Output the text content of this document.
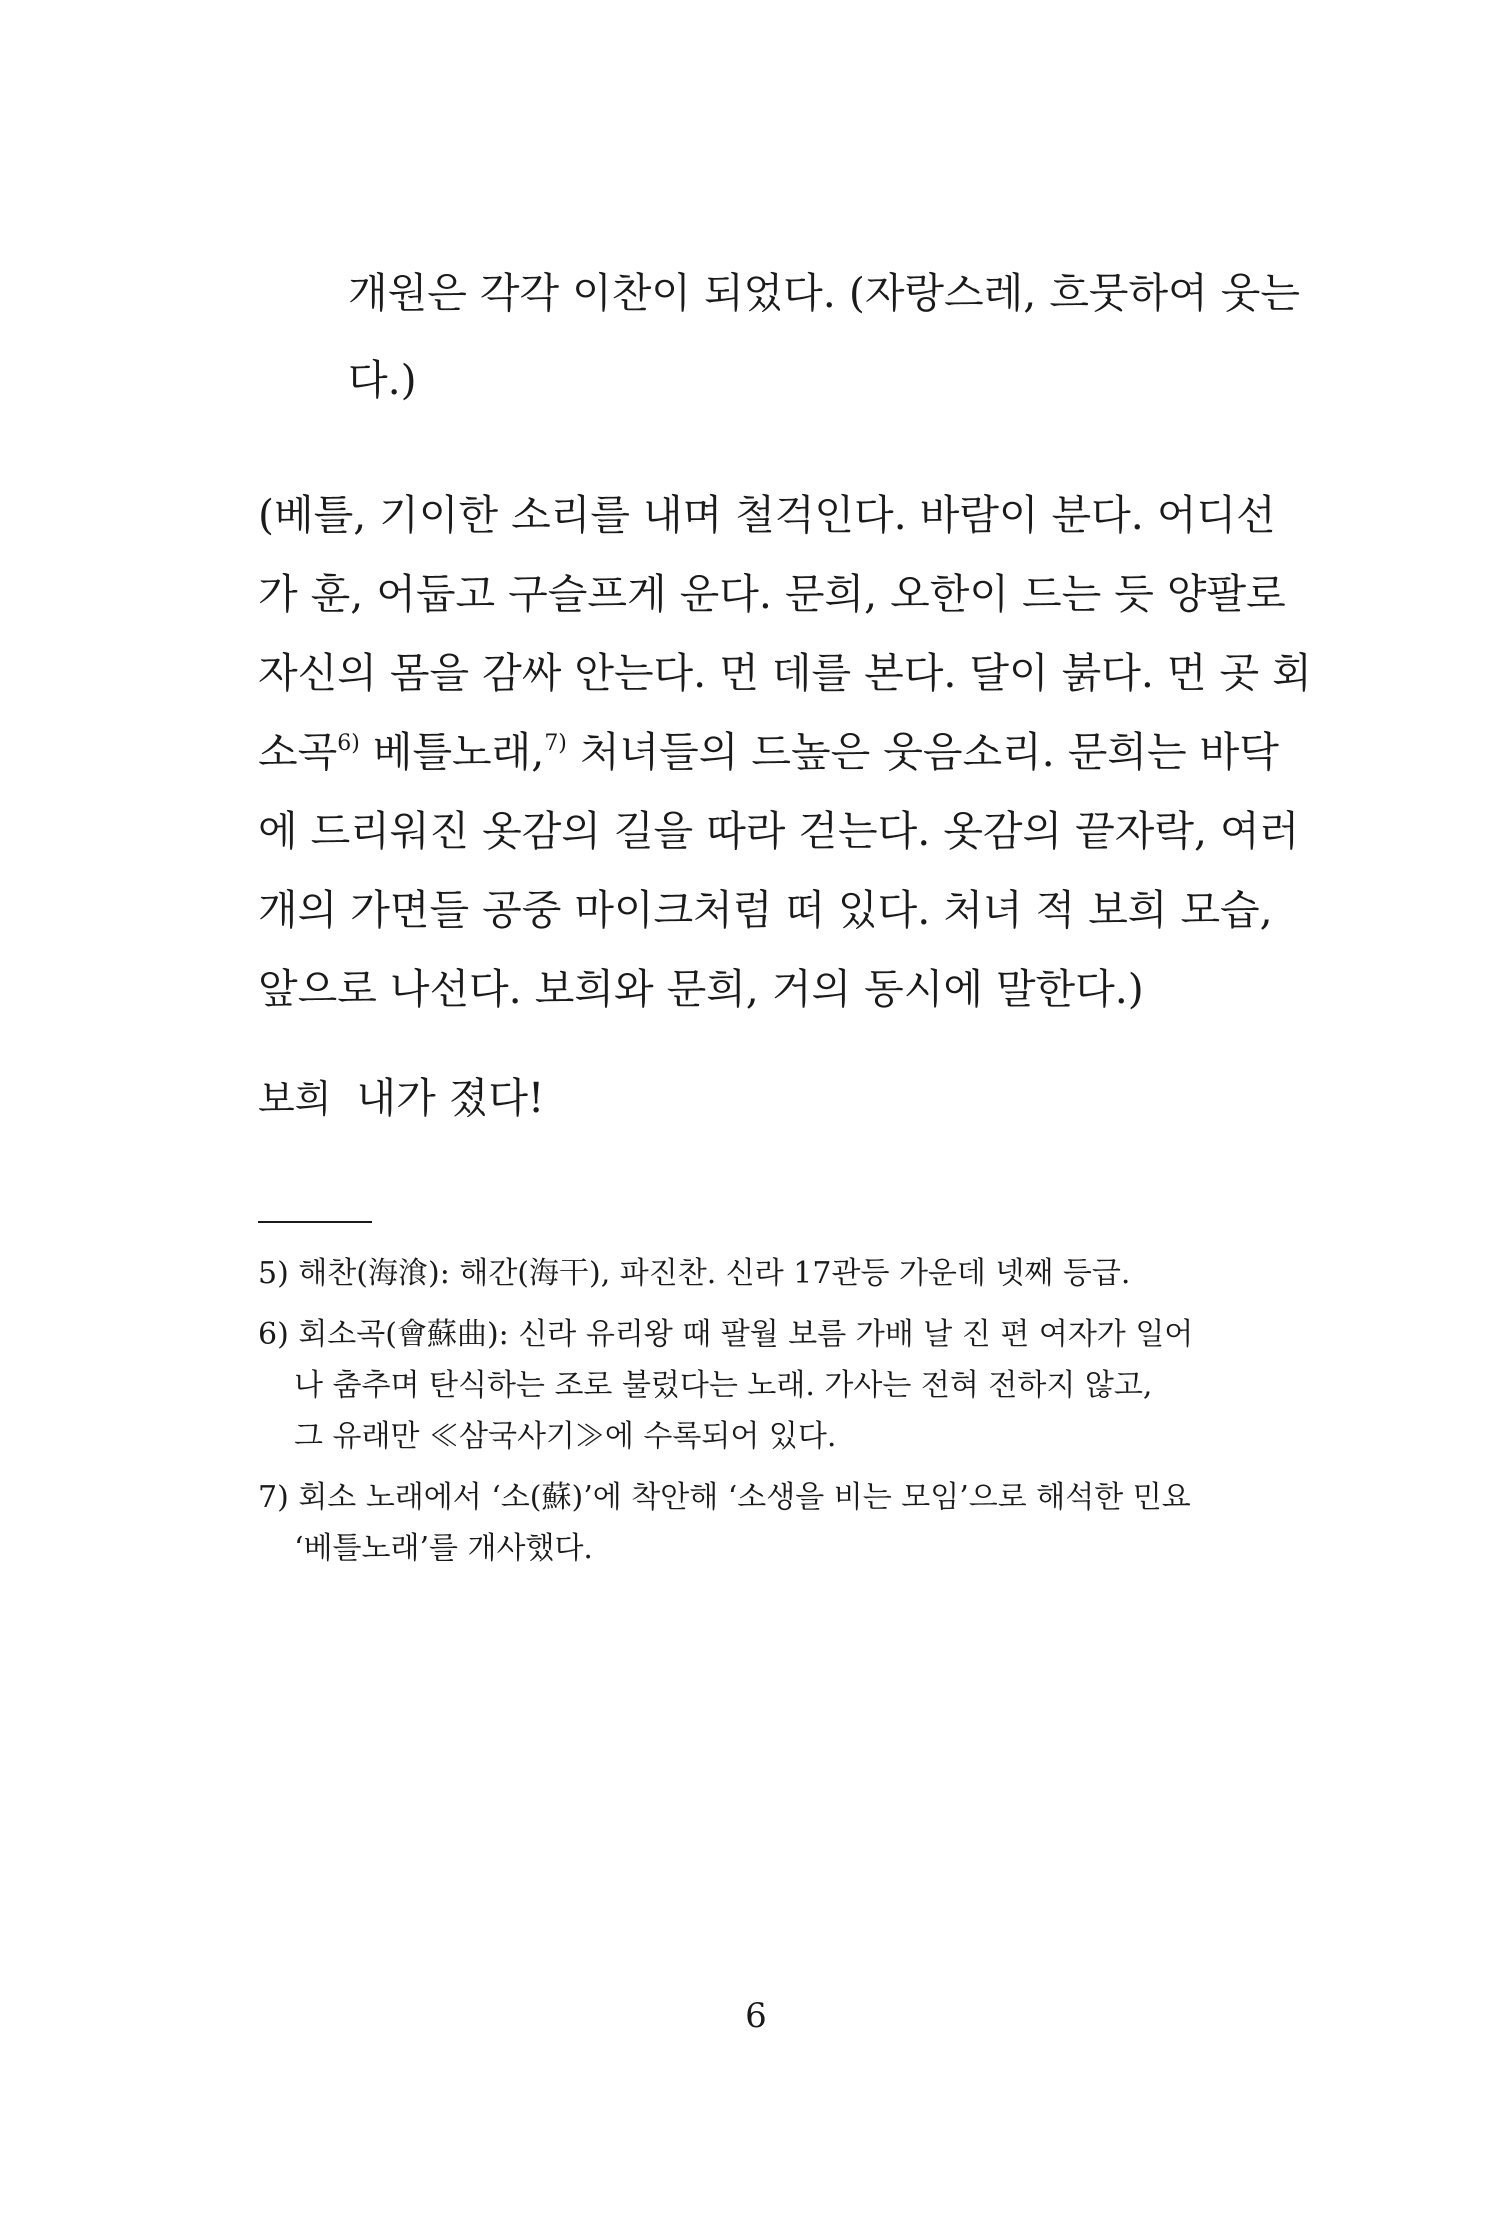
개원은 각각 이찬이 되었다. (자랑스레, 흐뭇하여 웃는
다.)
(베틀, 기이한 소리를 내며 철걱인다. 바람이 분다. 어디선
가 훈, 어둡고 구슬프게 운다. 문희, 오한이 드는 듯 양팔로
자신의 몸을 감싸 안는다. 먼 데를 본다. 달이 붉다. 먼 곳 회
소곡$^{6)}$ 베틀노래,$^{7)}$ 처녀들의 드높은 웃음소리. 문희는 바닥
에 드리워진 옷감의 길을 따라 걷는다. 옷감의 끝자락, 여러
개의 가면들 공중 마이크처럼 떠 있다. 처녀 적 보희 모습,
앞으로 나선다. 보희와 문희, 거의 동시에 말한다.)
보희 내가 졌다!
5) 해찬(海湌): 해간(海干), 파진찬. 신라 17관등 가운데 넷째 등급.
6) 회소곡(會蘇曲): 신라 유리왕 때 팔월 보름 가배 날 진 편 여자가 일어
나 춤추며 탄식하는 조로 불렀다는 노래. 가사는 전혀 전하지 않고,
그 유래만 ≪삼국사기≫에 수록되어 있다.
7) 회소 노래에서 ‘소(蘇)’에 착안해 ‘소생을 비는 모임’으로 해석한 민요
‘베틀노래’를 개사했다.
6
